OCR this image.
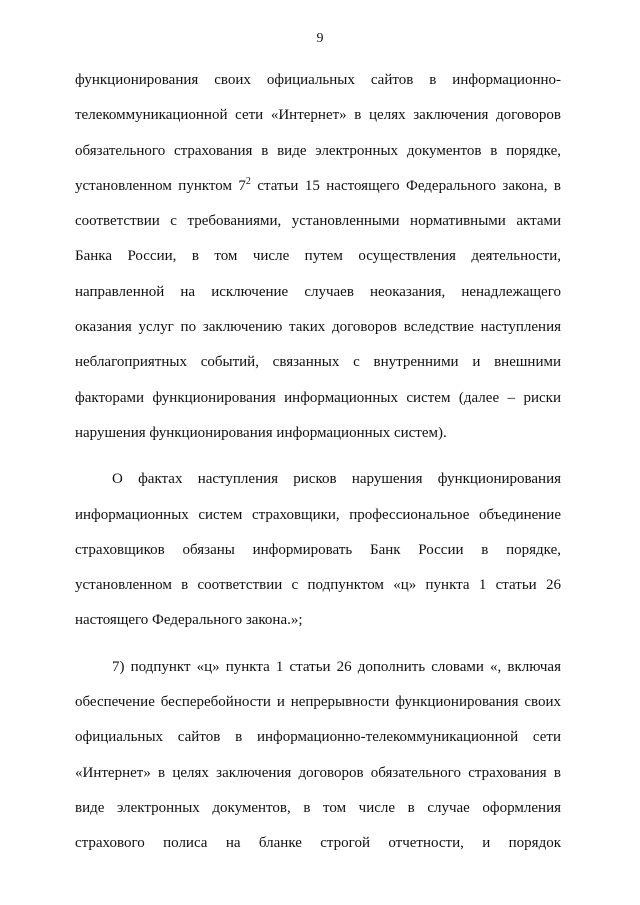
9
функционирования своих официальных сайтов в информационно-
телекоммуникационной сети «Интернет» в целях заключения договоров
обязательного страхования в виде электронных документов в порядке,
установленном пунктом $7^2$ статьи 15 настоящего Федерального закона, в
соответствии с требованиями, установленными нормативными актами
Банка России, в том числе путем осуществления деятельности,
направленной на исключение случаев неоказания, ненадлежащего
оказания услуг по заключению таких договоров вследствие наступления
неблагоприятных событий, связанных с внутренними и внешними
факторами функционирования информационных систем (далее – риски
нарушения функционирования информационных систем).
О фактах наступления рисков нарушения функционирования
информационных систем страховщики, профессиональное объединение
страховщиков обязаны информировать Банк России в порядке,
установленном в соответствии с подпунктом «ц» пункта 1 статьи 26
настоящего Федерального закона.»;
7) подпункт «ц» пункта 1 статьи 26 дополнить словами «, включая
обеспечение бесперебойности и непрерывности функционирования своих
официальных сайтов в информационно-телекоммуникационной сети
«Интернет» в целях заключения договоров обязательного страхования в
виде электронных документов, в том числе в случае оформления
страхового полиса на бланке строгой отчетности, и порядок
